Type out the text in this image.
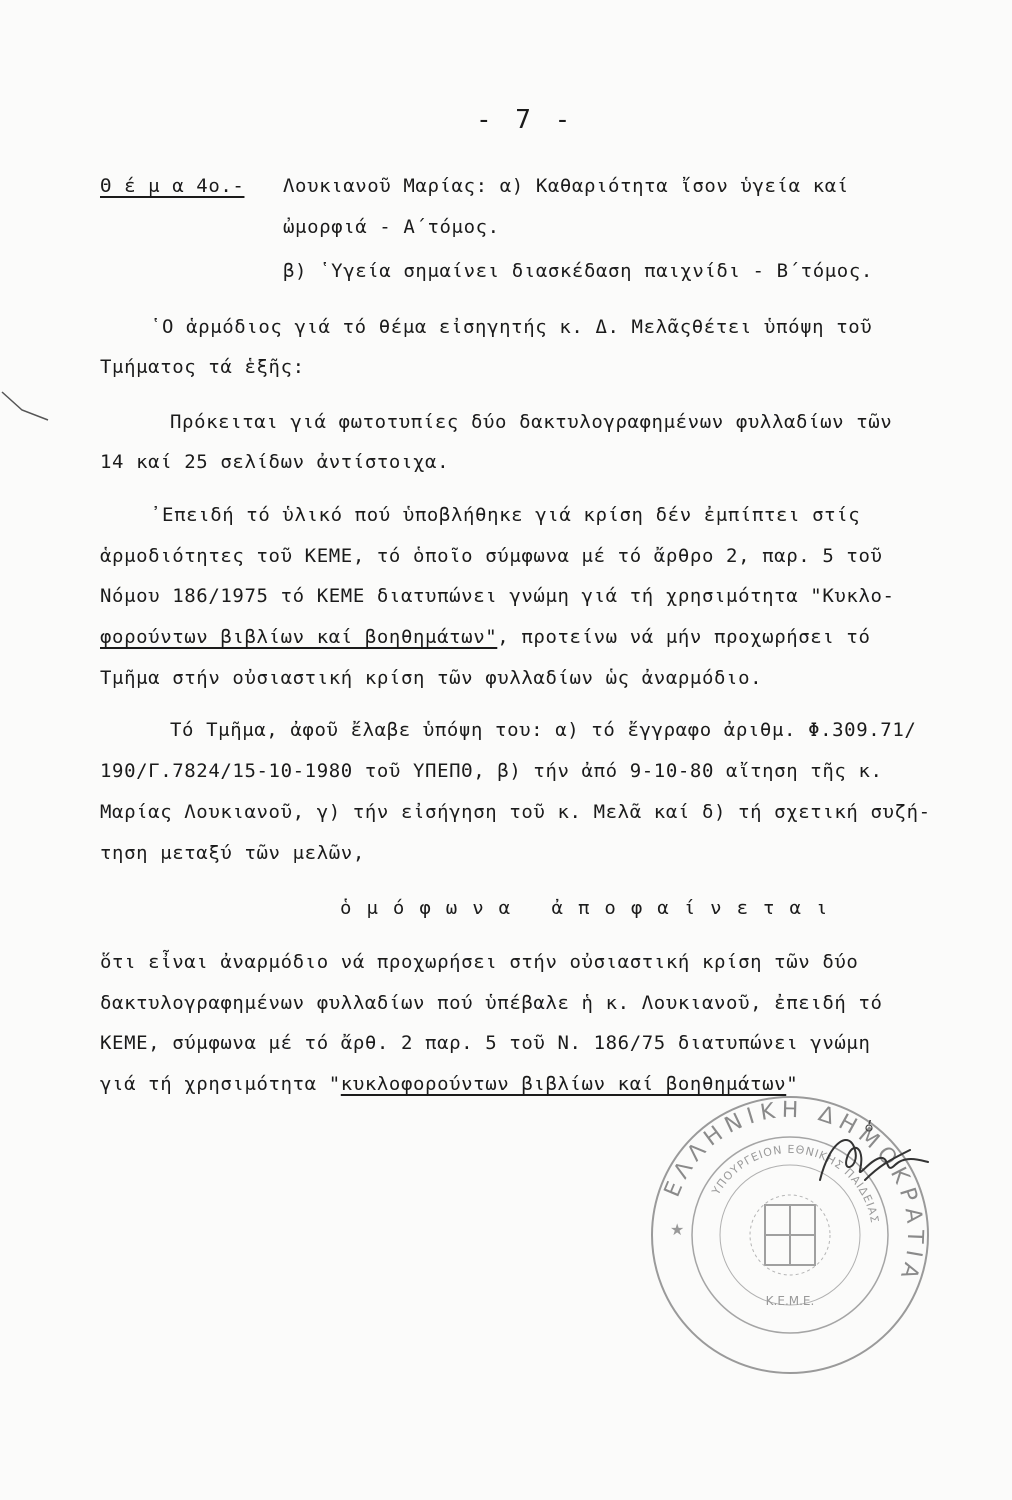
- 7 -
Θ έ μ α 4ο.- Λουκιανοῦ Μαρίας: α) Καθαριότητα ἴσον ὑγεία καί
ὠμορφιά - Α΄τόμος.
β) ῾Υγεία σημαίνει διασκέδαση παιχνίδι - Β΄τόμος.
῾Ο ἁρμόδιος γιά τό θέμα εἰσηγητής κ. Δ. Μελᾶςθέτει ὑπόψη τοῦ
Τμήματος τά ἑξῆς:
Πρόκειται γιά φωτοτυπίες δύο δακτυλογραφημένων φυλλαδίων τῶν
14 καί 25 σελίδων ἀντίστοιχα.
᾿Επειδή τό ὑλικό πού ὑποβλήθηκε γιά κρίση δέν ἐμπίπτει στίς
ἁρμοδιότητες τοῦ ΚΕΜΕ, τό ὁποῖο σύμφωνα μέ τό ἄρθρο 2, παρ. 5 τοῦ
Νόμου 186/1975 τό ΚΕΜΕ διατυπώνει γνώμη γιά τή χρησιμότητα "Κυκλο-
φορούντων βιβλίων καί βοηθημάτων", προτείνω νά μήν προχωρήσει τό
Τμῆμα στήν οὐσιαστική κρίση τῶν φυλλαδίων ὡς ἀναρμόδιο.
Τό Τμῆμα, ἀφοῦ ἔλαβε ὑπόψη του: α) τό ἔγγραφο ἀριθμ. Φ.309.71/
190/Γ.7824/15-10-1980 τοῦ ΥΠΕΠΘ, β) τήν ἀπό 9-10-80 αἴτηση τῆς κ.
Μαρίας Λουκιανοῦ, γ) τήν εἰσήγηση τοῦ κ. Μελᾶ καί δ) τή σχετική συζή-
τηση μεταξύ τῶν μελῶν,
ὁμόφωνα ἀποφαίνεται
ὅτι εἶναι ἀναρμόδιο νά προχωρήσει στήν οὐσιαστική κρίση τῶν δύο
δακτυλογραφημένων φυλλαδίων πού ὑπέβαλε ἡ κ. Λουκιανοῦ, ἐπειδή τό
ΚΕΜΕ, σύμφωνα μέ τό ἄρθ. 2 παρ. 5 τοῦ Ν. 186/75 διατυπώνει γνώμη
γιά τή χρησιμότητα "κυκλοφορούντων βιβλίων καί βοηθημάτων"
ΕΛΛΗΝΙΚΗ ΔΗΜΟΚΡΑΤΙΑ
ΥΠΟΥΡΓΕΙΟΝ ΕΘΝΙΚΗΣ ΠΑΙΔΕΙΑΣ
Κ.Ε.Μ.Ε.
★
